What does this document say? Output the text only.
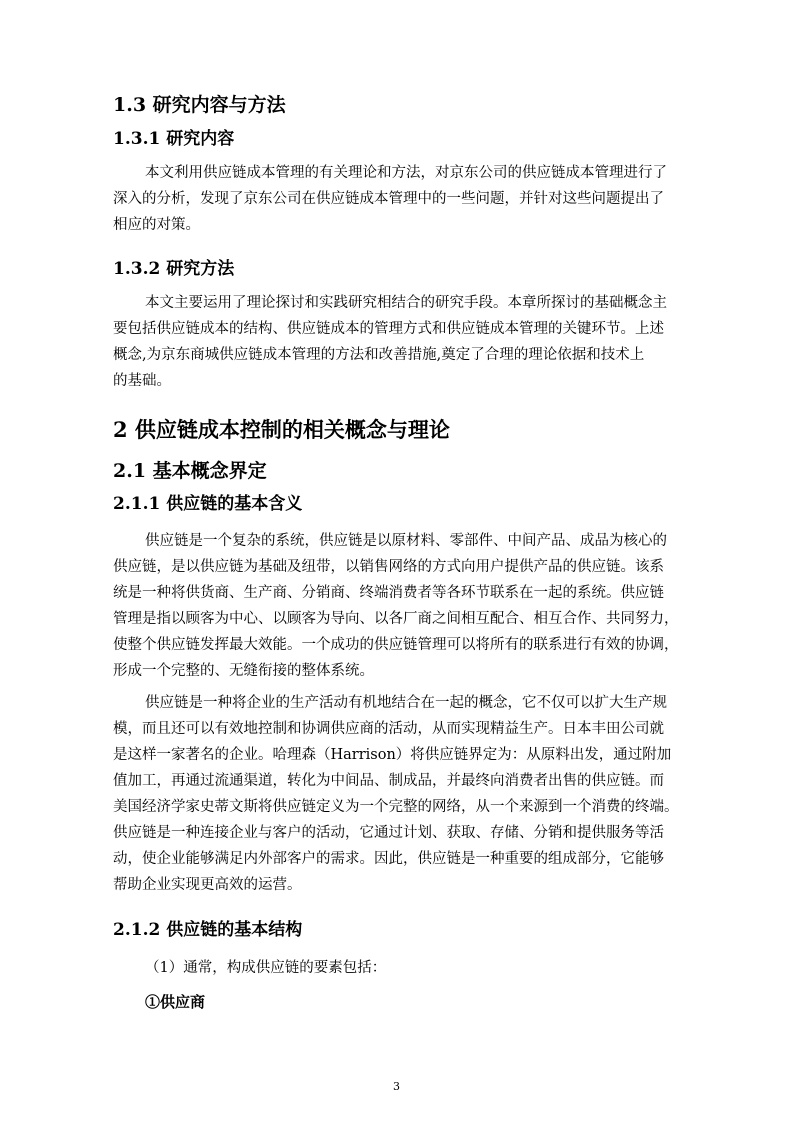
1.3 研究内容与方法
1.3.1 研究内容
本文利用供应链成本管理的有关理论和方法，对京东公司的供应链成本管理进行了
深入的分析，发现了京东公司在供应链成本管理中的一些问题，并针对这些问题提出了
相应的对策。
1.3.2 研究方法
本文主要运用了理论探讨和实践研究相结合的研究手段。本章所探讨的基础概念主
要包括供应链成本的结构、供应链成本的管理方式和供应链成本管理的关键环节。上述
概念,为京东商城供应链成本管理的方法和改善措施,奠定了合理的理论依据和技术上
的基础。
2 供应链成本控制的相关概念与理论
2.1 基本概念界定
2.1.1 供应链的基本含义
供应链是一个复杂的系统，供应链是以原材料、零部件、中间产品、成品为核心的
供应链，是以供应链为基础及纽带，以销售网络的方式向用户提供产品的供应链。该系
统是一种将供货商、生产商、分销商、终端消费者等各环节联系在一起的系统。供应链
管理是指以顾客为中心、以顾客为导向、以各厂商之间相互配合、相互合作、共同努力，
使整个供应链发挥最大效能。一个成功的供应链管理可以将所有的联系进行有效的协调，
形成一个完整的、无缝衔接的整体系统。
供应链是一种将企业的生产活动有机地结合在一起的概念，它不仅可以扩大生产规
模，而且还可以有效地控制和协调供应商的活动，从而实现精益生产。日本丰田公司就
是这样一家著名的企业。哈理森（Harrison）将供应链界定为：从原料出发，通过附加
值加工，再通过流通渠道，转化为中间品、制成品，并最终向消费者出售的供应链。而
美国经济学家史蒂文斯将供应链定义为一个完整的网络，从一个来源到一个消费的终端。
供应链是一种连接企业与客户的活动，它通过计划、获取、存储、分销和提供服务等活
动，使企业能够满足内外部客户的需求。因此，供应链是一种重要的组成部分，它能够
帮助企业实现更高效的运营。
2.1.2 供应链的基本结构
（1）通常，构成供应链的要素包括：
①供应商
3
